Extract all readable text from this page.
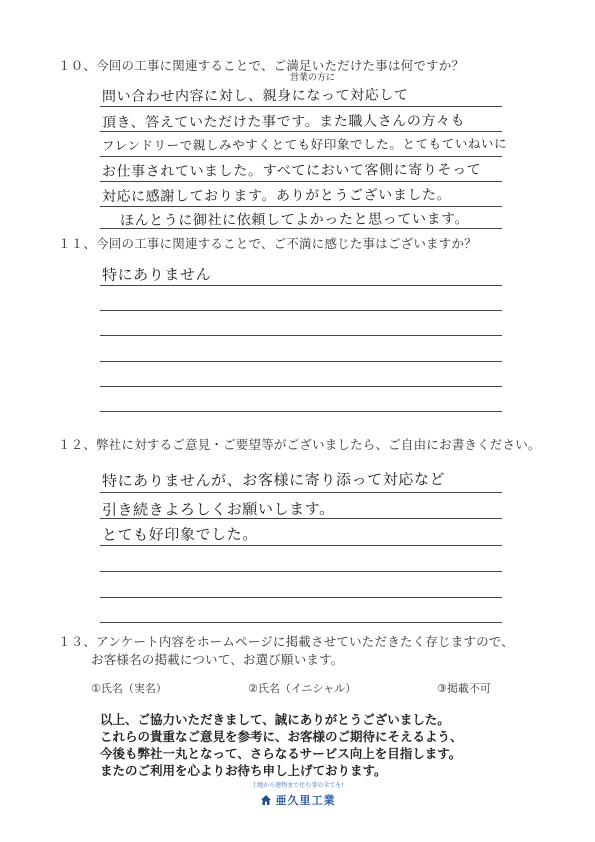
１０、今回の工事に関連することで、ご満足いただけた事は何ですか？
営業の方に
問い合わせ内容に対し、親身になって対応して
頂き、答えていただけた事です。また職人さんの方々も
フレンドリーで親しみやすくとても好印象でした。とてもていねいに
お仕事されていました。すべてにおいて客側に寄りそって
対応に感謝しております。ありがとうございました。
ほんとうに御社に依頼してよかったと思っています。
１１、今回の工事に関連することで、ご不満に感じた事はございますか？
特にありません
１２、弊社に対するご意見・ご要望等がございましたら、ご自由にお書きください。
特にありませんが、お客様に寄り添って対応など
引き続きよろしくお願いします。
とても好印象でした。
１３、アンケート内容をホームページに掲載させていただきたく存じますので、
お客様名の掲載について、お選び願います。
①氏名（実名）	②氏名（イニシャル）	③掲載不可
以上、ご協力いただきまして、誠にありがとうございました。
これらの貴重なご意見を参考に、お客様のご期待にそえるよう、
今後も弊社一丸となって、さらなるサービス向上を目指します。
またのご利用を心よりお待ち申し上げております。
土地から建物まで住む事の全てを!
亜久里工業
